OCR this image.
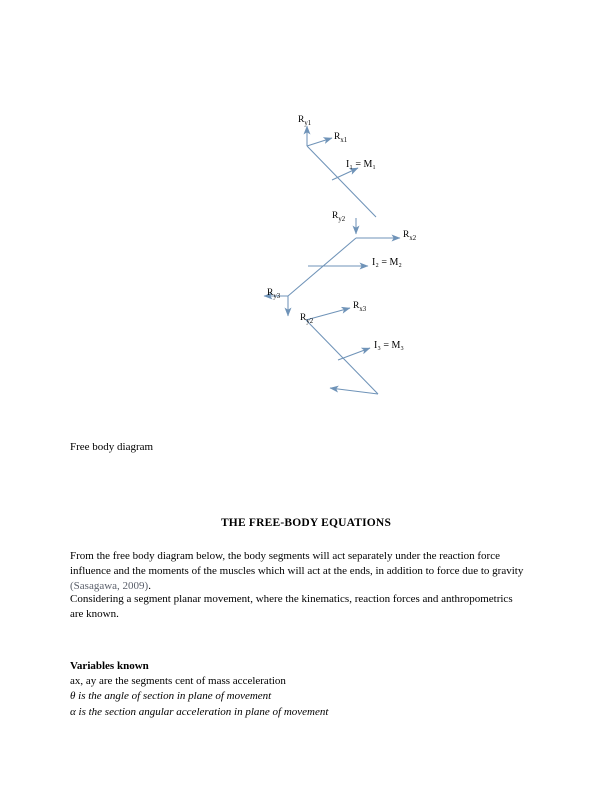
$R_{y1}$
$R_{x1}$
I₁ = M₁
$R_{y2}$
$R_{x2}$
I₂ = M₂
$R_{y3}$
$R_{y2}$
$R_{x3}$
I₃ = M₃
Free body diagram
THE FREE-BODY EQUATIONS
From the free body diagram below, the body segments will act separately under the reaction force influence and the moments of the muscles which will act at the ends, in addition to force due to gravity (Sasagawa, 2009).
Considering a segment planar movement, where the kinematics, reaction forces and anthropometrics are known.
Variables known
ax, ay are the segments cent of mass acceleration
θ is the angle of section in plane of movement
α is the section angular acceleration in plane of movement
